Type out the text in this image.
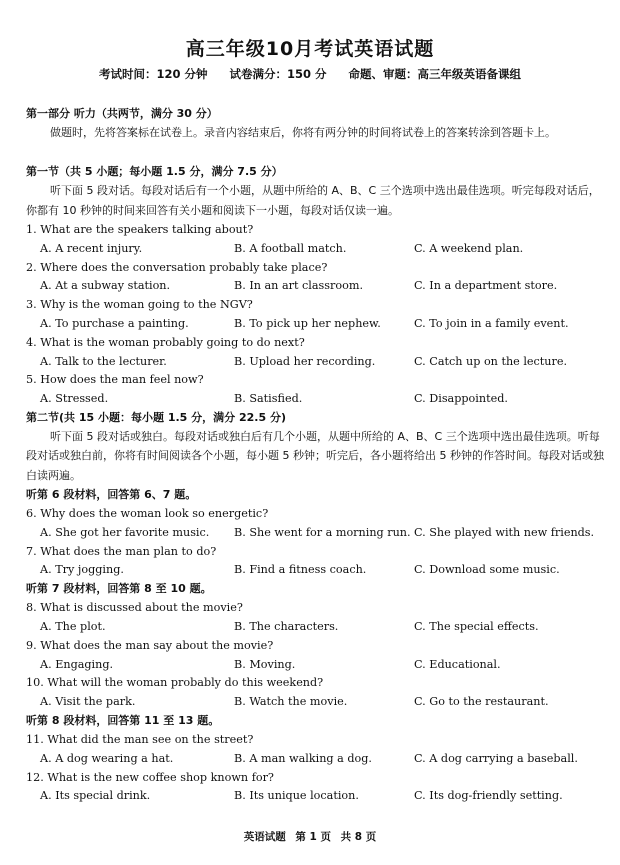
高三年级10月考试英语试题
考试时间：120 分钟 试卷满分：150 分 命题、审题：高三年级英语备课组
第一部分 听力（共两节，满分 30 分）
做题时，先将答案标在试卷上。录音内容结束后，你将有两分钟的时间将试卷上的答案转涂到答题卡上。
第一节（共 5 小题；每小题 1.5 分，满分 7.5 分）
听下面 5 段对话。每段对话后有一个小题，从题中所给的 A、B、C 三个选项中选出最佳选项。听完每段对话后，你都有 10 秒钟的时间来回答有关小题和阅读下一小题，每段对话仅读一遍。
1. What are the speakers talking about?
A. A recent injury.	B. A football match.	C. A weekend plan.
2. Where does the conversation probably take place?
A. At a subway station.	B. In an art classroom.	C. In a department store.
3. Why is the woman going to the NGV?
A. To purchase a painting.	B. To pick up her nephew.	C. To join in a family event.
4. What is the woman probably going to do next?
A. Talk to the lecturer.	B. Upload her recording.	C. Catch up on the lecture.
5. How does the man feel now?
A. Stressed.	B. Satisfied.	C. Disappointed.
第二节(共 15 小题：每小题 1.5 分，满分 22.5 分)
听下面 5 段对话或独白。每段对话或独白后有几个小题，从题中所给的 A、B、C 三个选项中选出最佳选项。听每段对话或独白前，你将有时间阅读各个小题，每小题 5 秒钟；听完后，各小题将给出 5 秒钟的作答时间。每段对话或独白读两遍。
听第 6 段材料，回答第 6、7 题。
6. Why does the woman look so energetic?
A. She got her favorite music.	B. She went for a morning run. C. She played with new friends.
7. What does the man plan to do?
A. Try jogging.	B. Find a fitness coach.	C. Download some music.
听第 7 段材料，回答第 8 至 10 题。
8. What is discussed about the movie?
A. The plot.	B. The characters.	C. The special effects.
9. What does the man say about the movie?
A. Engaging.	B. Moving.	C. Educational.
10. What will the woman probably do this weekend?
A. Visit the park.	B. Watch the movie.	C. Go to the restaurant.
听第 8 段材料，回答第 11 至 13 题。
11. What did the man see on the street?
A. A dog wearing a hat.	B. A man walking a dog.	C. A dog carrying a baseball.
12. What is the new coffee shop known for?
A. Its special drink.	B. Its unique location.	C. Its dog-friendly setting.
英语试题 第 1 页 共 8 页
